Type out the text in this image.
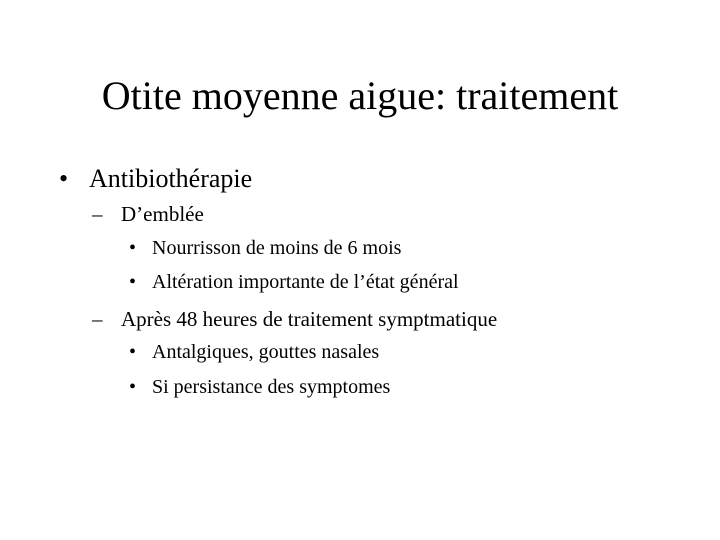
Otite moyenne aigue: traitement
• Antibiothérapie
– D’emblée
• Nourrisson de moins de 6 mois
• Altération importante de l’état général
– Après 48 heures de traitement symptmatique
• Antalgiques, gouttes nasales
• Si persistance des symptomes
